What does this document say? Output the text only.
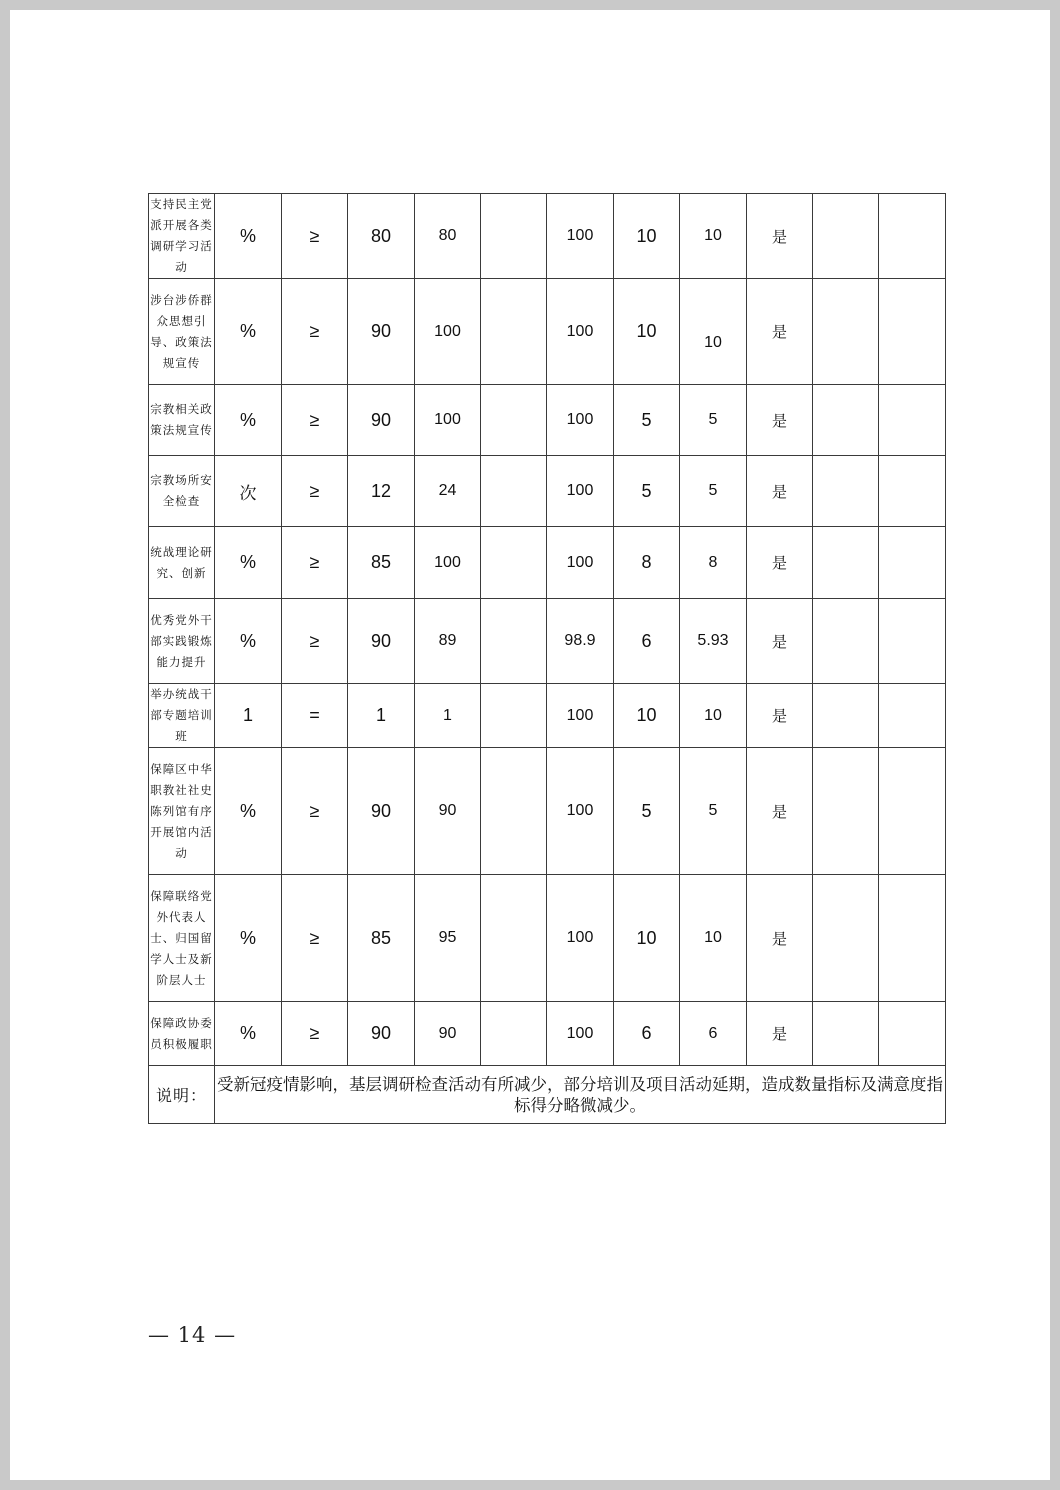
支持民主党派开展各类调研学习活动	%	≥	80	80		100	10	10	是		
涉台涉侨群众思想引导、政策法规宣传	%	≥	90	100		100	10	10	是		
宗教相关政策法规宣传	%	≥	90	100		100	5	5	是		
宗教场所安全检查	次	≥	12	24		100	5	5	是		
统战理论研究、创新	%	≥	85	100		100	8	8	是		
优秀党外干部实践锻炼能力提升	%	≥	90	89		98.9	6	5.93	是		
举办统战干部专题培训班	1	=	1	1		100	10	10	是		
保障区中华职教社社史陈列馆有序开展馆内活动	%	≥	90	90		100	5	5	是		
保障联络党外代表人士、归国留学人士及新阶层人士	%	≥	85	95		100	10	10	是		
保障政协委员积极履职	%	≥	90	90		100	6	6	是		
说明：	受新冠疫情影响，基层调研检查活动有所减少，部分培训及项目活动延期，造成数量指标及满意度指标得分略微减少。										
— 14 —
